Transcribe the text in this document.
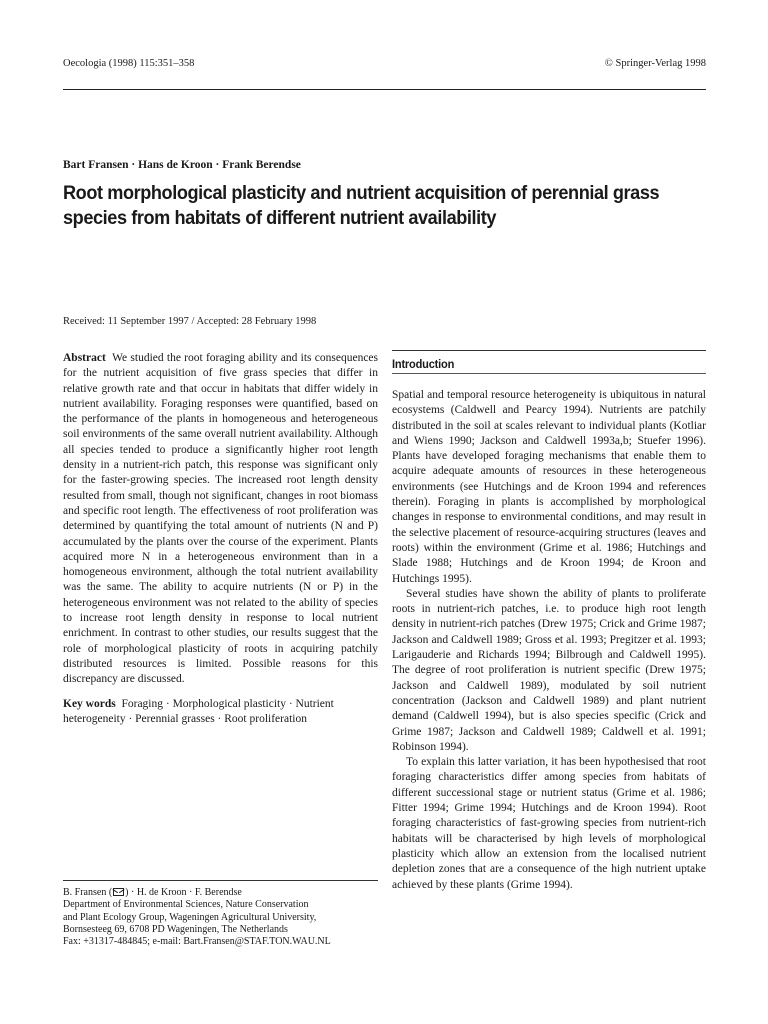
Oecologia (1998) 115:351–358	© Springer-Verlag 1998
Bart Fransen · Hans de Kroon · Frank Berendse
Root morphological plasticity and nutrient acquisition of perennial grass species from habitats of different nutrient availability
Received: 11 September 1997 / Accepted: 28 February 1998

Abstract We studied the root foraging ability and its consequences for the nutrient acquisition of five grass species that differ in relative growth rate and that occur in habitats that differ widely in nutrient availability. Foraging responses were quantified, based on the performance of the plants in homogeneous and heterogeneous soil environments of the same overall nutrient availability. Although all species tended to produce a significantly higher root length density in a nutrient-rich patch, this response was significant only for the faster-growing species. The increased root length density resulted from small, though not significant, changes in root biomass and specific root length. The effectiveness of root proliferation was determined by quantifying the total amount of nutrients (N and P) accumulated by the plants over the course of the experiment. Plants acquired more N in a heterogeneous environment than in a homogeneous environment, although the total nutrient availability was the same. The ability to acquire nutrients (N or P) in the heterogeneous environment was not related to the ability of species to increase root length density in response to local nutrient enrichment. In contrast to other studies, our results suggest that the role of morphological plasticity of roots in acquiring patchily distributed resources is limited. Possible reasons for this discrepancy are discussed.

Key words Foraging · Morphological plasticity · Nutrient heterogeneity · Perennial grasses · Root proliferation

B. Fransen ( ) · H. de Kroon · F. Berendse
Department of Environmental Sciences, Nature Conservation
and Plant Ecology Group, Wageningen Agricultural University,
Bornsesteeg 69, 6708 PD Wageningen, The Netherlands
Fax: +31317-484845; e-mail: Bart.Fransen@STAF.TON.WAU.NL
Introduction

Spatial and temporal resource heterogeneity is ubiquitous in natural ecosystems (Caldwell and Pearcy 1994). Nutrients are patchily distributed in the soil at scales relevant to individual plants (Kotliar and Wiens 1990; Jackson and Caldwell 1993a,b; Stuefer 1996). Plants have developed foraging mechanisms that enable them to acquire adequate amounts of resources in these heterogeneous environments (see Hutchings and de Kroon 1994 and references therein). Foraging in plants is accomplished by morphological changes in response to environmental conditions, and may result in the selective placement of resource-acquiring structures (leaves and roots) within the environment (Grime et al. 1986; Hutchings and Slade 1988; Hutchings and de Kroon 1994; de Kroon and Hutchings 1995).

Several studies have shown the ability of plants to proliferate roots in nutrient-rich patches, i.e. to produce high root length density in nutrient-rich patches (Drew 1975; Crick and Grime 1987; Jackson and Caldwell 1989; Gross et al. 1993; Pregitzer et al. 1993; Larigauderie and Richards 1994; Bilbrough and Caldwell 1995). The degree of root proliferation is nutrient specific (Drew 1975; Jackson and Caldwell 1989), modulated by soil nutrient concentration (Jackson and Caldwell 1989) and plant nutrient demand (Caldwell 1994), but is also species specific (Crick and Grime 1987; Jackson and Caldwell 1989; Caldwell et al. 1991; Robinson 1994).

To explain this latter variation, it has been hypothesised that root foraging characteristics differ among species from habitats of different successional stage or nutrient status (Grime et al. 1986; Fitter 1994; Grime 1994; Hutchings and de Kroon 1994). Root foraging characteristics of fast-growing species from nutrient-rich habitats will be characterised by high levels of morphological plasticity which allow an extension from the localised nutrient depletion zones that are a consequence of the high nutrient uptake achieved by these plants (Grime 1994).
